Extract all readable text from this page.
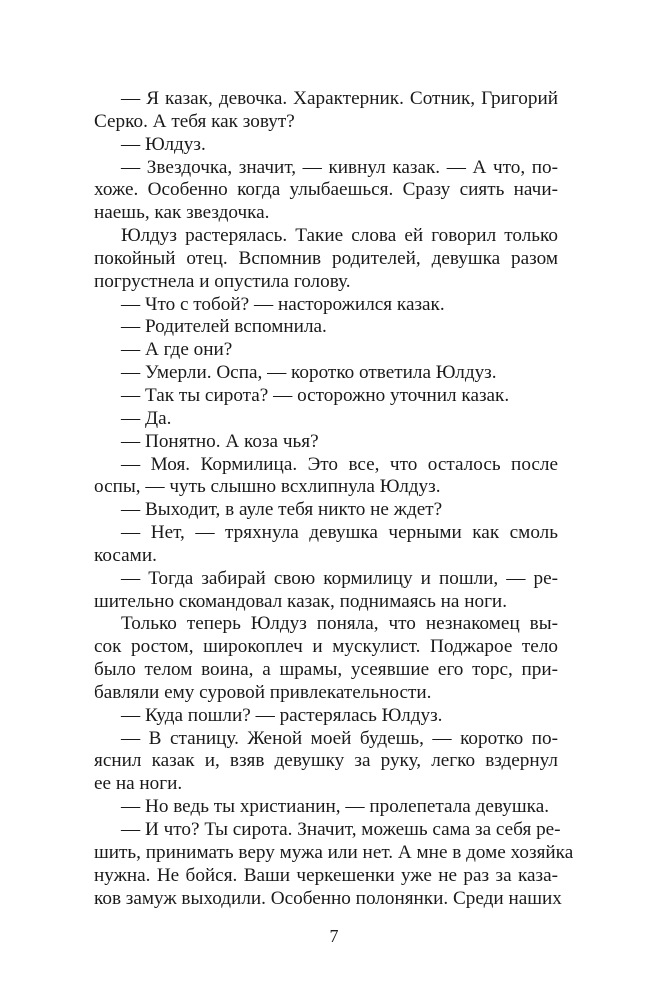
— Я казак, девочка. Характерник. Сотник, Григорий
Серко. А тебя как зовут?
— Юлдуз.
— Звездочка, значит, — кивнул казак. — А что, по-
хоже. Особенно когда улыбаешься. Сразу сиять начи-
наешь, как звездочка.
Юлдуз растерялась. Такие слова ей говорил только
покойный отец. Вспомнив родителей, девушка разом
погрустнела и опустила голову.
— Что с тобой? — насторожился казак.
— Родителей вспомнила.
— А где они?
— Умерли. Оспа, — коротко ответила Юлдуз.
— Так ты сирота? — осторожно уточнил казак.
— Да.
— Понятно. А коза чья?
— Моя. Кормилица. Это все, что осталось после
оспы, — чуть слышно всхлипнула Юлдуз.
— Выходит, в ауле тебя никто не ждет?
— Нет, — тряхнула девушка черными как смоль
косами.
— Тогда забирай свою кормилицу и пошли, — ре-
шительно скомандовал казак, поднимаясь на ноги.
Только теперь Юлдуз поняла, что незнакомец вы-
сок ростом, широкоплеч и мускулист. Поджарое тело
было телом воина, а шрамы, усеявшие его торс, при-
бавляли ему суровой привлекательности.
— Куда пошли? — растерялась Юлдуз.
— В станицу. Женой моей будешь, — коротко по-
яснил казак и, взяв девушку за руку, легко вздернул
ее на ноги.
— Но ведь ты христианин, — пролепетала девушка.
— И что? Ты сирота. Значит, можешь сама за себя ре-
шить, принимать веру мужа или нет. А мне в доме хозяйка
нужна. Не бойся. Ваши черкешенки уже не раз за каза-
ков замуж выходили. Особенно полонянки. Среди наших
7
